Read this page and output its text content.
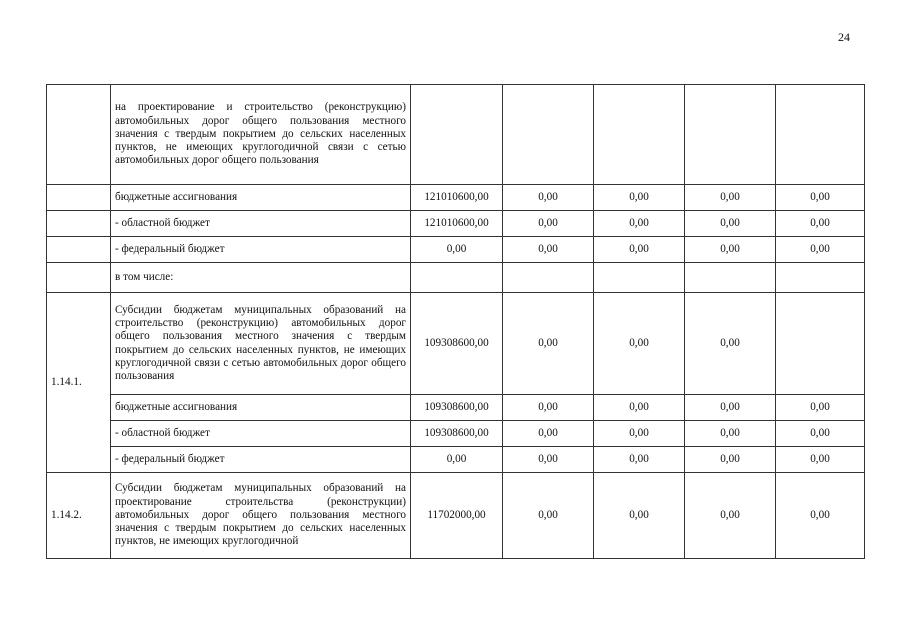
24

	на проектирование и строительство (реконструкцию) автомобильных дорог общего пользования местного значения с твердым покрытием до сельских населенных пунктов, не имеющих круглогодичной связи с сетью автомобильных дорог общего пользования					

	бюджетные ассигнования	121010600,00	0,00	0,00	0,00	0,00
	- областной бюджет	121010600,00	0,00	0,00	0,00	0,00
	- федеральный бюджет	0,00	0,00	0,00	0,00	0,00
	в том числе:					
1.14.1.	Субсидии бюджетам муниципальных образований на строительство (реконструкцию) автомобильных дорог общего пользования местного значения с твердым покрытием до сельских населенных пунктов, не имеющих круглогодичной связи с сетью автомобильных дорог общего пользования	109308600,00	0,00	0,00	0,00	
	бюджетные ассигнования	109308600,00	0,00	0,00	0,00	0,00
	- областной бюджет	109308600,00	0,00	0,00	0,00	0,00
	- федеральный бюджет	0,00	0,00	0,00	0,00	0,00
1.14.2.	Субсидии бюджетам муниципальных образований на проектирование строительства (реконструкции) автомобильных дорог общего пользования местного значения с твердым покрытием до сельских населенных пунктов, не имеющих круглогодичной	11702000,00	0,00	0,00	0,00	0,00
